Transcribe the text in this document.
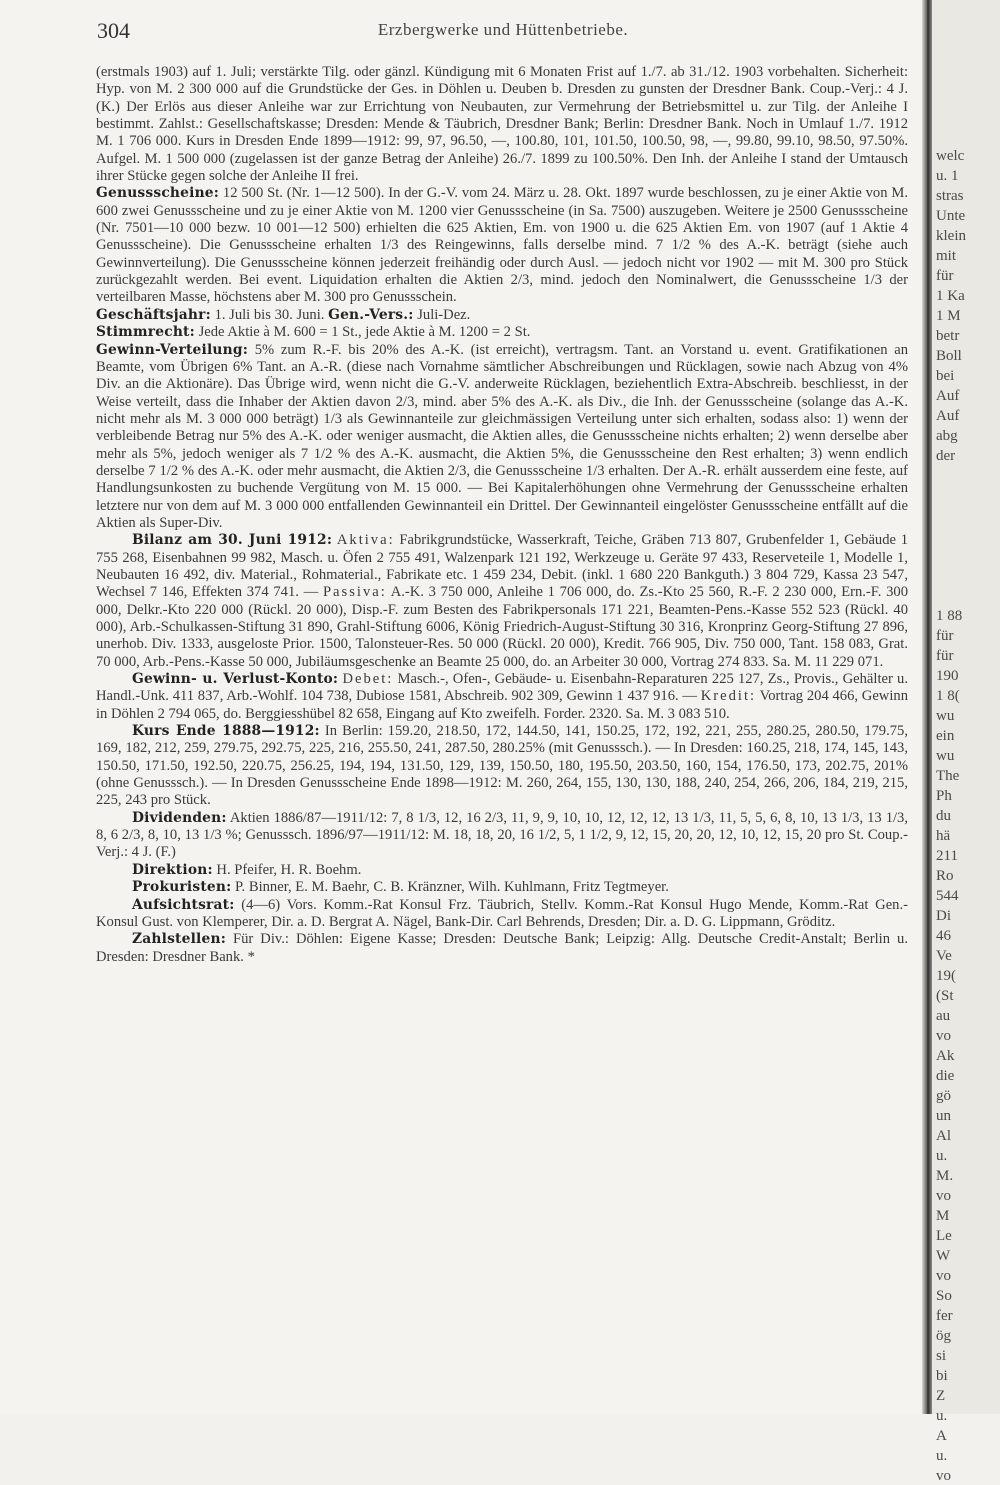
304	Erzbergwerke und Hüttenbetriebe.

(erstmals 1903) auf 1. Juli; verstärkte Tilg. oder gänzl. Kündigung mit 6 Monaten Frist auf 1./7. ab 31./12. 1903 vorbehalten. Sicherheit: Hyp. von M. 2 300 000 auf die Grundstücke der Ges. in Döhlen u. Deuben b. Dresden zu gunsten der Dresdner Bank. Coup.-Verj.: 4 J. (K.) Der Erlös aus dieser Anleihe war zur Errichtung von Neubauten, zur Vermehrung der Betriebsmittel u. zur Tilg. der Anleihe I bestimmt. Zahlst.: Gesellschaftskasse; Dresden: Mende & Täubrich, Dresdner Bank; Berlin: Dresdner Bank. Noch in Umlauf 1./7. 1912 M. 1 706 000. Kurs in Dresden Ende 1899—1912: 99, 97, 96.50, —, 100.80, 101, 101.50, 100.50, 98, —, 99.80, 99.10, 98.50, 97.50%. Aufgel. M. 1 500 000 (zugelassen ist der ganze Betrag der Anleihe) 26./7. 1899 zu 100.50%. Den Inh. der Anleihe I stand der Umtausch ihrer Stücke gegen solche der Anleihe II frei.

Genussscheine: 12 500 St. (Nr. 1—12 500). In der G.-V. vom 24. März u. 28. Okt. 1897 wurde beschlossen, zu je einer Aktie von M. 600 zwei Genussscheine und zu je einer Aktie von M. 1200 vier Genussscheine (in Sa. 7500) auszugeben. Weitere je 2500 Genussscheine (Nr. 7501—10 000 bezw. 10 001—12 500) erhielten die 625 Aktien, Em. von 1900 u. die 625 Aktien Em. von 1907 (auf 1 Aktie 4 Genussscheine). Die Genussscheine erhalten 1/3 des Reingewinns, falls derselbe mind. 7 1/2 % des A.-K. beträgt (siehe auch Gewinnverteilung). Die Genussscheine können jederzeit freihändig oder durch Ausl. — jedoch nicht vor 1902 — mit M. 300 pro Stück zurückgezahlt werden. Bei event. Liquidation erhalten die Aktien 2/3, mind. jedoch den Nominalwert, die Genussscheine 1/3 der verteilbaren Masse, höchstens aber M. 300 pro Genussschein.

Geschäftsjahr: 1. Juli bis 30. Juni. Gen.-Vers.: Juli-Dez.

Stimmrecht: Jede Aktie à M. 600 = 1 St., jede Aktie à M. 1200 = 2 St.

Gewinn-Verteilung: 5% zum R.-F. bis 20% des A.-K. (ist erreicht), vertragsm. Tant. an Vorstand u. event. Gratifikationen an Beamte, vom Übrigen 6% Tant. an A.-R. (diese nach Vornahme sämtlicher Abschreibungen und Rücklagen, sowie nach Abzug von 4% Div. an die Aktionäre). Das Übrige wird, wenn nicht die G.-V. anderweite Rücklagen, beziehentlich Extra-Abschreib. beschliesst, in der Weise verteilt, dass die Inhaber der Aktien davon 2/3, mind. aber 5% des A.-K. als Div., die Inh. der Genussscheine (solange das A.-K. nicht mehr als M. 3 000 000 beträgt) 1/3 als Gewinnanteile zur gleichmässigen Verteilung unter sich erhalten, sodass also: 1) wenn der verbleibende Betrag nur 5% des A.-K. oder weniger ausmacht, die Aktien alles, die Genussscheine nichts erhalten; 2) wenn derselbe aber mehr als 5%, jedoch weniger als 7 1/2 % des A.-K. ausmacht, die Aktien 5%, die Genussscheine den Rest erhalten; 3) wenn endlich derselbe 7 1/2 % des A.-K. oder mehr ausmacht, die Aktien 2/3, die Genussscheine 1/3 erhalten. Der A.-R. erhält ausserdem eine feste, auf Handlungsunkosten zu buchende Vergütung von M. 15 000. — Bei Kapitalerhöhungen ohne Vermehrung der Genussscheine erhalten letztere nur von dem auf M. 3 000 000 entfallenden Gewinnanteil ein Drittel. Der Gewinnanteil eingelöster Genussscheine entfällt auf die Aktien als Super-Div.

Bilanz am 30. Juni 1912: Aktiva: Fabrikgrundstücke, Wasserkraft, Teiche, Gräben 713 807, Grubenfelder 1, Gebäude 1 755 268, Eisenbahnen 99 982, Masch. u. Öfen 2 755 491, Walzenpark 121 192, Werkzeuge u. Geräte 97 433, Reserveteile 1, Modelle 1, Neubauten 16 492, div. Material., Rohmaterial., Fabrikate etc. 1 459 234, Debit. (inkl. 1 680 220 Bankguth.) 3 804 729, Kassa 23 547, Wechsel 7 146, Effekten 374 741. — Passiva: A.-K. 3 750 000, Anleihe 1 706 000, do. Zs.-Kto 25 560, R.-F. 2 230 000, Ern.-F. 300 000, Delkr.-Kto 220 000 (Rückl. 20 000), Disp.-F. zum Besten des Fabrikpersonals 171 221, Beamten-Pens.-Kasse 552 523 (Rückl. 40 000), Arb.-Schulkassen-Stiftung 31 890, Grahl-Stiftung 6006, König Friedrich-August-Stiftung 30 316, Kronprinz Georg-Stiftung 27 896, unerhob. Div. 1333, ausgeloste Prior. 1500, Talonsteuer-Res. 50 000 (Rückl. 20 000), Kredit. 766 905, Div. 750 000, Tant. 158 083, Grat. 70 000, Arb.-Pens.-Kasse 50 000, Jubiläumsgeschenke an Beamte 25 000, do. an Arbeiter 30 000, Vortrag 274 833. Sa. M. 11 229 071.

Gewinn- u. Verlust-Konto: Debet: Masch.-, Ofen-, Gebäude- u. Eisenbahn-Reparaturen 225 127, Zs., Provis., Gehälter u. Handl.-Unk. 411 837, Arb.-Wohlf. 104 738, Dubiose 1581, Abschreib. 902 309, Gewinn 1 437 916. — Kredit: Vortrag 204 466, Gewinn in Döhlen 2 794 065, do. Berggiesshübel 82 658, Eingang auf Kto zweifelh. Forder. 2320. Sa. M. 3 083 510.

Kurs Ende 1888—1912: In Berlin: 159.20, 218.50, 172, 144.50, 141, 150.25, 172, 192, 221, 255, 280.25, 280.50, 179.75, 169, 182, 212, 259, 279.75, 292.75, 225, 216, 255.50, 241, 287.50, 280.25% (mit Genusssch.). — In Dresden: 160.25, 218, 174, 145, 143, 150.50, 171.50, 192.50, 220.75, 256.25, 194, 194, 131.50, 129, 139, 150.50, 180, 195.50, 203.50, 160, 154, 176.50, 173, 202.75, 201% (ohne Genusssch.). — In Dresden Genussscheine Ende 1898—1912: M. 260, 264, 155, 130, 130, 188, 240, 254, 266, 206, 184, 219, 215, 225, 243 pro Stück.

Dividenden: Aktien 1886/87—1911/12: 7, 8 1/3, 12, 16 2/3, 11, 9, 9, 10, 10, 12, 12, 12, 13 1/3, 11, 5, 5, 6, 8, 10, 13 1/3, 13 1/3, 8, 6 2/3, 8, 10, 13 1/3 %; Genusssch. 1896/97—1911/12: M. 18, 18, 20, 16 1/2, 5, 1 1/2, 9, 12, 15, 20, 20, 12, 10, 12, 15, 20 pro St. Coup.-Verj.: 4 J. (F.)

Direktion: H. Pfeifer, H. R. Boehm.

Prokuristen: P. Binner, E. M. Baehr, C. B. Kränzner, Wilh. Kuhlmann, Fritz Tegtmeyer.

Aufsichtsrat: (4—6) Vors. Komm.-Rat Konsul Frz. Täubrich, Stellv. Komm.-Rat Konsul Hugo Mende, Komm.-Rat Gen.-Konsul Gust. von Klemperer, Dir. a. D. Bergrat A. Nägel, Bank-Dir. Carl Behrends, Dresden; Dir. a. D. G. Lippmann, Gröditz.

Zahlstellen: Für Div.: Döhlen: Eigene Kasse; Dresden: Deutsche Bank; Leipzig: Allg. Deutsche Credit-Anstalt; Berlin u. Dresden: Dresdner Bank. *

welc
u. 1
stras
Unte
klein
mit
für
1 Ka
1 M
betr
Boll
bei
Auf
Auf
abg
der
1 88
für
für
190
1 8(
wu
ein
wu
The
Ph
du
hä
211
Ro
544
Di
46
Ve
19(
(St
au
vo
Ak
die
gö
un
Al
u.
M.
vo
M
Le
W
vo
So
fer
ög
si
bi
Z
u.
A
u.
vo
